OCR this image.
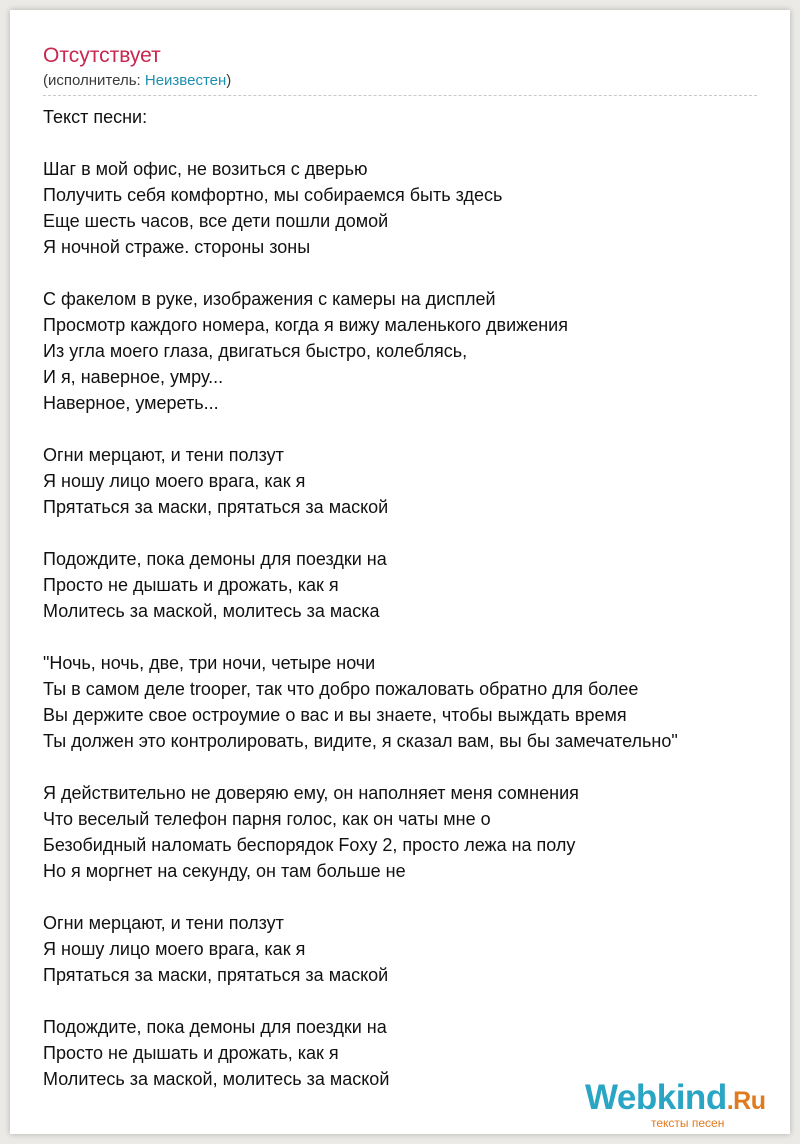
Отсутствует
(исполнитель: Неизвестен)
Текст песни:
Шаг в мой офис, не возиться с дверью
Получить себя комфортно, мы собираемся быть здесь
Еще шесть часов, все дети пошли домой
Я ночной страже. стороны зоны
С факелом в руке, изображения с камеры на дисплей
Просмотр каждого номера, когда я вижу маленького движения
Из угла моего глаза, двигаться быстро, колеблясь,
И я, наверное, умру...
Наверное, умереть...
Огни мерцают, и тени ползут
Я ношу лицо моего врага, как я
Прятаться за маски, прятаться за маской
Подождите, пока демоны для поездки на
Просто не дышать и дрожать, как я
Молитесь за маской, молитесь за маска
"Ночь, ночь, две, три ночи, четыре ночи
Ты в самом деле trooper, так что добро пожаловать обратно для более
Вы держите свое остроумие о вас и вы знаете, чтобы выждать время
Ты должен это контролировать, видите, я сказал вам, вы бы замечательно"
Я действительно не доверяю ему, он наполняет меня сомнения
Что веселый телефон парня голос, как он чаты мне о
Безобидный наломать беспорядок Foxy 2, просто лежа на полу
Но я моргнет на секунду, он там больше не
Огни мерцают, и тени ползут
Я ношу лицо моего врага, как я
Прятаться за маски, прятаться за маской
Подождите, пока демоны для поездки на
Просто не дышать и дрожать, как я
Молитесь за маской, молитесь за маской	Webkind.Ru
тексты песен
